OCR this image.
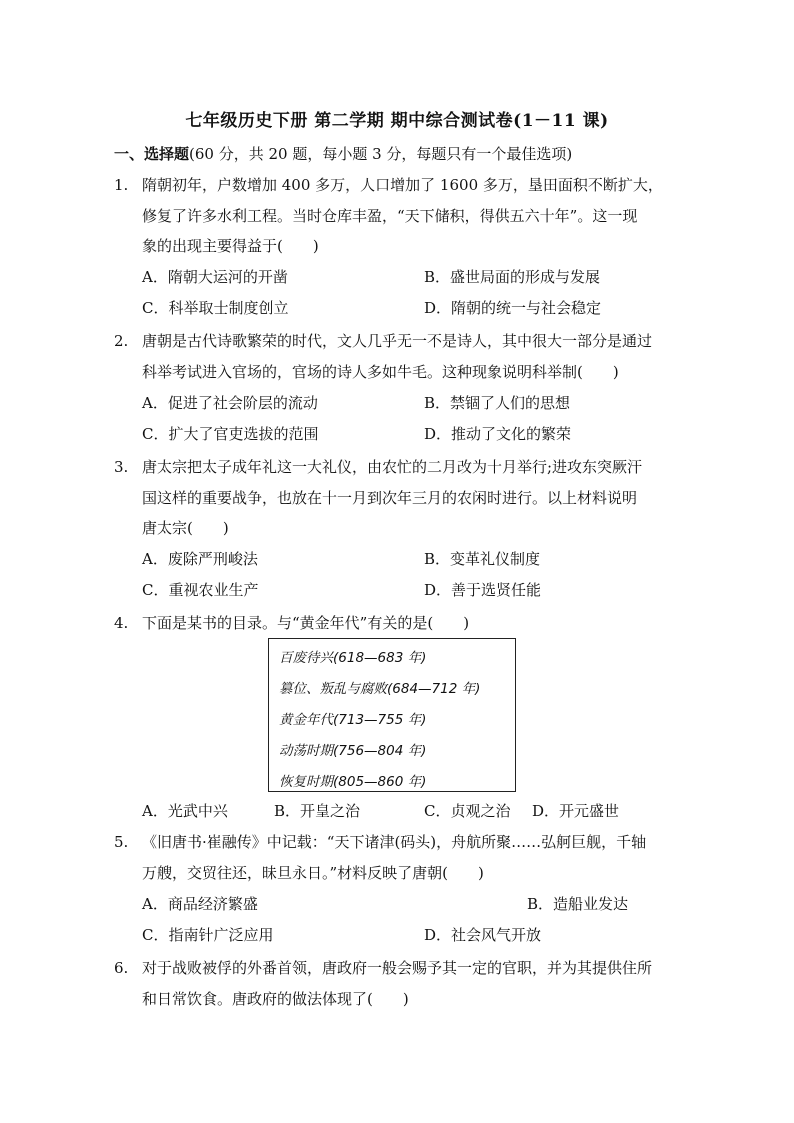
七年级历史下册 第二学期 期中综合测试卷(1－11 课)
一、选择题(60 分，共 20 题，每小题 3 分，每题只有一个最佳选项)
1. 隋朝初年，户数增加 400 多万，人口增加了 1600 多万，垦田面积不断扩大，
修复了许多水利工程。当时仓库丰盈，“天下储积，得供五六十年”。这一现
象的出现主要得益于(　　)
A．隋朝大运河的开凿	B．盛世局面的形成与发展
C．科举取士制度创立	D．隋朝的统一与社会稳定
2. 唐朝是古代诗歌繁荣的时代，文人几乎无一不是诗人，其中很大一部分是通过
科举考试进入官场的，官场的诗人多如牛毛。这种现象说明科举制(　　)
A．促进了社会阶层的流动	B．禁锢了人们的思想
C．扩大了官吏选拔的范围	D．推动了文化的繁荣
3. 唐太宗把太子成年礼这一大礼仪，由农忙的二月改为十月举行;进攻东突厥汗
国这样的重要战争，也放在十一月到次年三月的农闲时进行。以上材料说明
唐太宗(　　)
A．废除严刑峻法	B．变革礼仪制度
C．重视农业生产	D．善于选贤任能
4. 下面是某书的目录。与“黄金年代”有关的是(　　)
百废待兴(618—683 年)
篡位、叛乱与腐败(684—712 年)
黄金年代(713—755 年)
动荡时期(756—804 年)
恢复时期(805—860 年)
A．光武中兴	B．开皇之治	C．贞观之治 D．开元盛世
5. 《旧唐书·崔融传》中记载：“天下诸津(码头)，舟航所聚……弘舸巨舰，千轴
万艘，交贸往还，昧旦永日。”材料反映了唐朝(　　)
A．商品经济繁盛	B．造船业发达
C．指南针广泛应用	D．社会风气开放
6. 对于战败被俘的外番首领，唐政府一般会赐予其一定的官职，并为其提供住所
和日常饮食。唐政府的做法体现了(　　)
